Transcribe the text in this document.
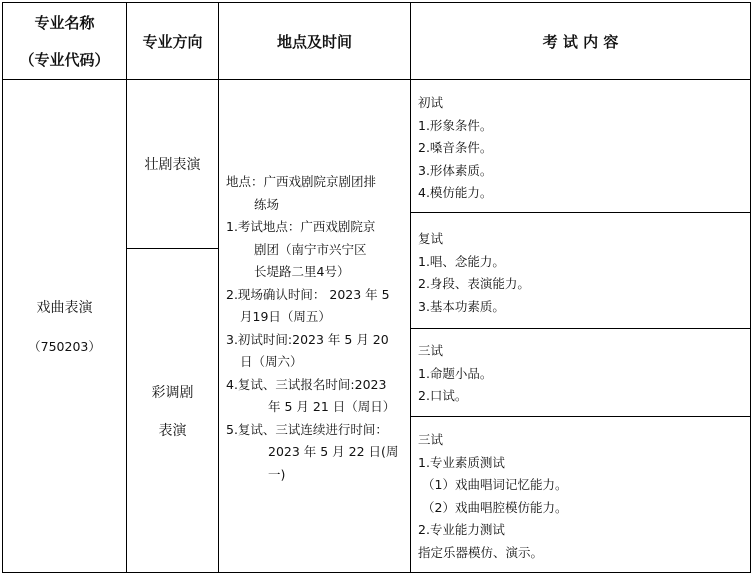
专业名称
（专业代码）
专业方向	地点及时间	考 试 内 容
戏曲表演
（750203）
壮剧表演
彩调剧
表演
地点：广西戏剧院京剧团排
练场
1.考试地点：广西戏剧院京
剧团（南宁市兴宁区
长堤路二里4号）
2.现场确认时间： 2023 年 5
月19日（周五）
3.初试时间:2023 年 5 月 20
日（周六）
4.复试、三试报名时间:2023
年 5 月 21 日（周日）
5.复试、三试连续进行时间：
2023 年 5 月 22 日(周
一)
初试
1.形象条件。
2.嗓音条件。
3.形体素质。
4.模仿能力。
复试
1.唱、念能力。
2.身段、表演能力。
3.基本功素质。
三试
1.命题小品。
2.口试。
三试
1.专业素质测试
（1）戏曲唱词记忆能力。
（2）戏曲唱腔模仿能力。
2.专业能力测试
指定乐器模仿、演示。
